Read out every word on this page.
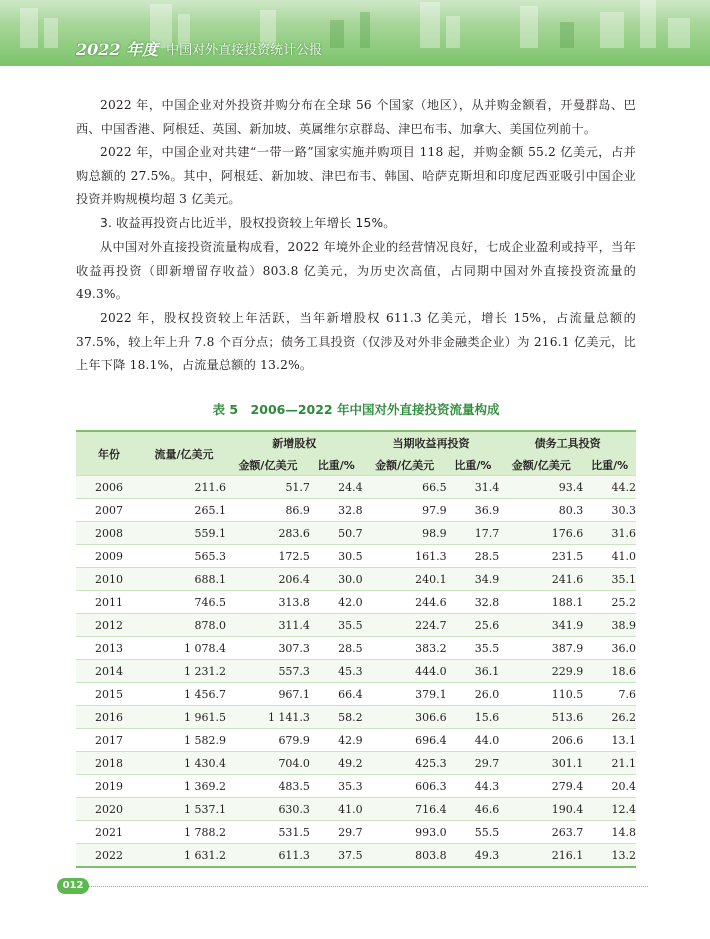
2022 年度 中国对外直接投资统计公报

2022 年，中国企业对外投资并购分布在全球 56 个国家（地区），从并购金额看，开曼群岛、巴西、中国香港、阿根廷、英国、新加坡、英属维尔京群岛、津巴布韦、加拿大、美国位列前十。

2022 年，中国企业对共建“一带一路”国家实施并购项目 118 起，并购金额 55.2 亿美元，占并购总额的 27.5%。其中，阿根廷、新加坡、津巴布韦、韩国、哈萨克斯坦和印度尼西亚吸引中国企业投资并购规模均超 3 亿美元。

3. 收益再投资占比近半，股权投资较上年增长 15%。

从中国对外直接投资流量构成看，2022 年境外企业的经营情况良好，七成企业盈利或持平，当年收益再投资（即新增留存收益）803.8 亿美元，为历史次高值，占同期中国对外直接投资流量的 49.3%。

2022 年，股权投资较上年活跃，当年新增股权 611.3 亿美元，增长 15%，占流量总额的 37.5%，较上年上升 7.8 个百分点；债务工具投资（仅涉及对外非金融类企业）为 216.1 亿美元，比上年下降 18.1%，占流量总额的 13.2%。

表 5　2006—2022 年中国对外直接投资流量构成
年份	流量/亿美元	新增股权		当期收益再投资		债务工具投资	
		金额/亿美元	比重/%	金额/亿美元	比重/%	金额/亿美元	比重/%
2006	211.6	51.7	24.4	66.5	31.4	93.4	44.2
2007	265.1	86.9	32.8	97.9	36.9	80.3	30.3
2008	559.1	283.6	50.7	98.9	17.7	176.6	31.6
2009	565.3	172.5	30.5	161.3	28.5	231.5	41.0
2010	688.1	206.4	30.0	240.1	34.9	241.6	35.1
2011	746.5	313.8	42.0	244.6	32.8	188.1	25.2
2012	878.0	311.4	35.5	224.7	25.6	341.9	38.9
2013	1 078.4	307.3	28.5	383.2	35.5	387.9	36.0
2014	1 231.2	557.3	45.3	444.0	36.1	229.9	18.6
2015	1 456.7	967.1	66.4	379.1	26.0	110.5	7.6
2016	1 961.5	1 141.3	58.2	306.6	15.6	513.6	26.2
2017	1 582.9	679.9	42.9	696.4	44.0	206.6	13.1
2018	1 430.4	704.0	49.2	425.3	29.7	301.1	21.1
2019	1 369.2	483.5	35.3	606.3	44.3	279.4	20.4
2020	1 537.1	630.3	41.0	716.4	46.6	190.4	12.4
2021	1 788.2	531.5	29.7	993.0	55.5	263.7	14.8
2022	1 631.2	611.3	37.5	803.8	49.3	216.1	13.2
012
